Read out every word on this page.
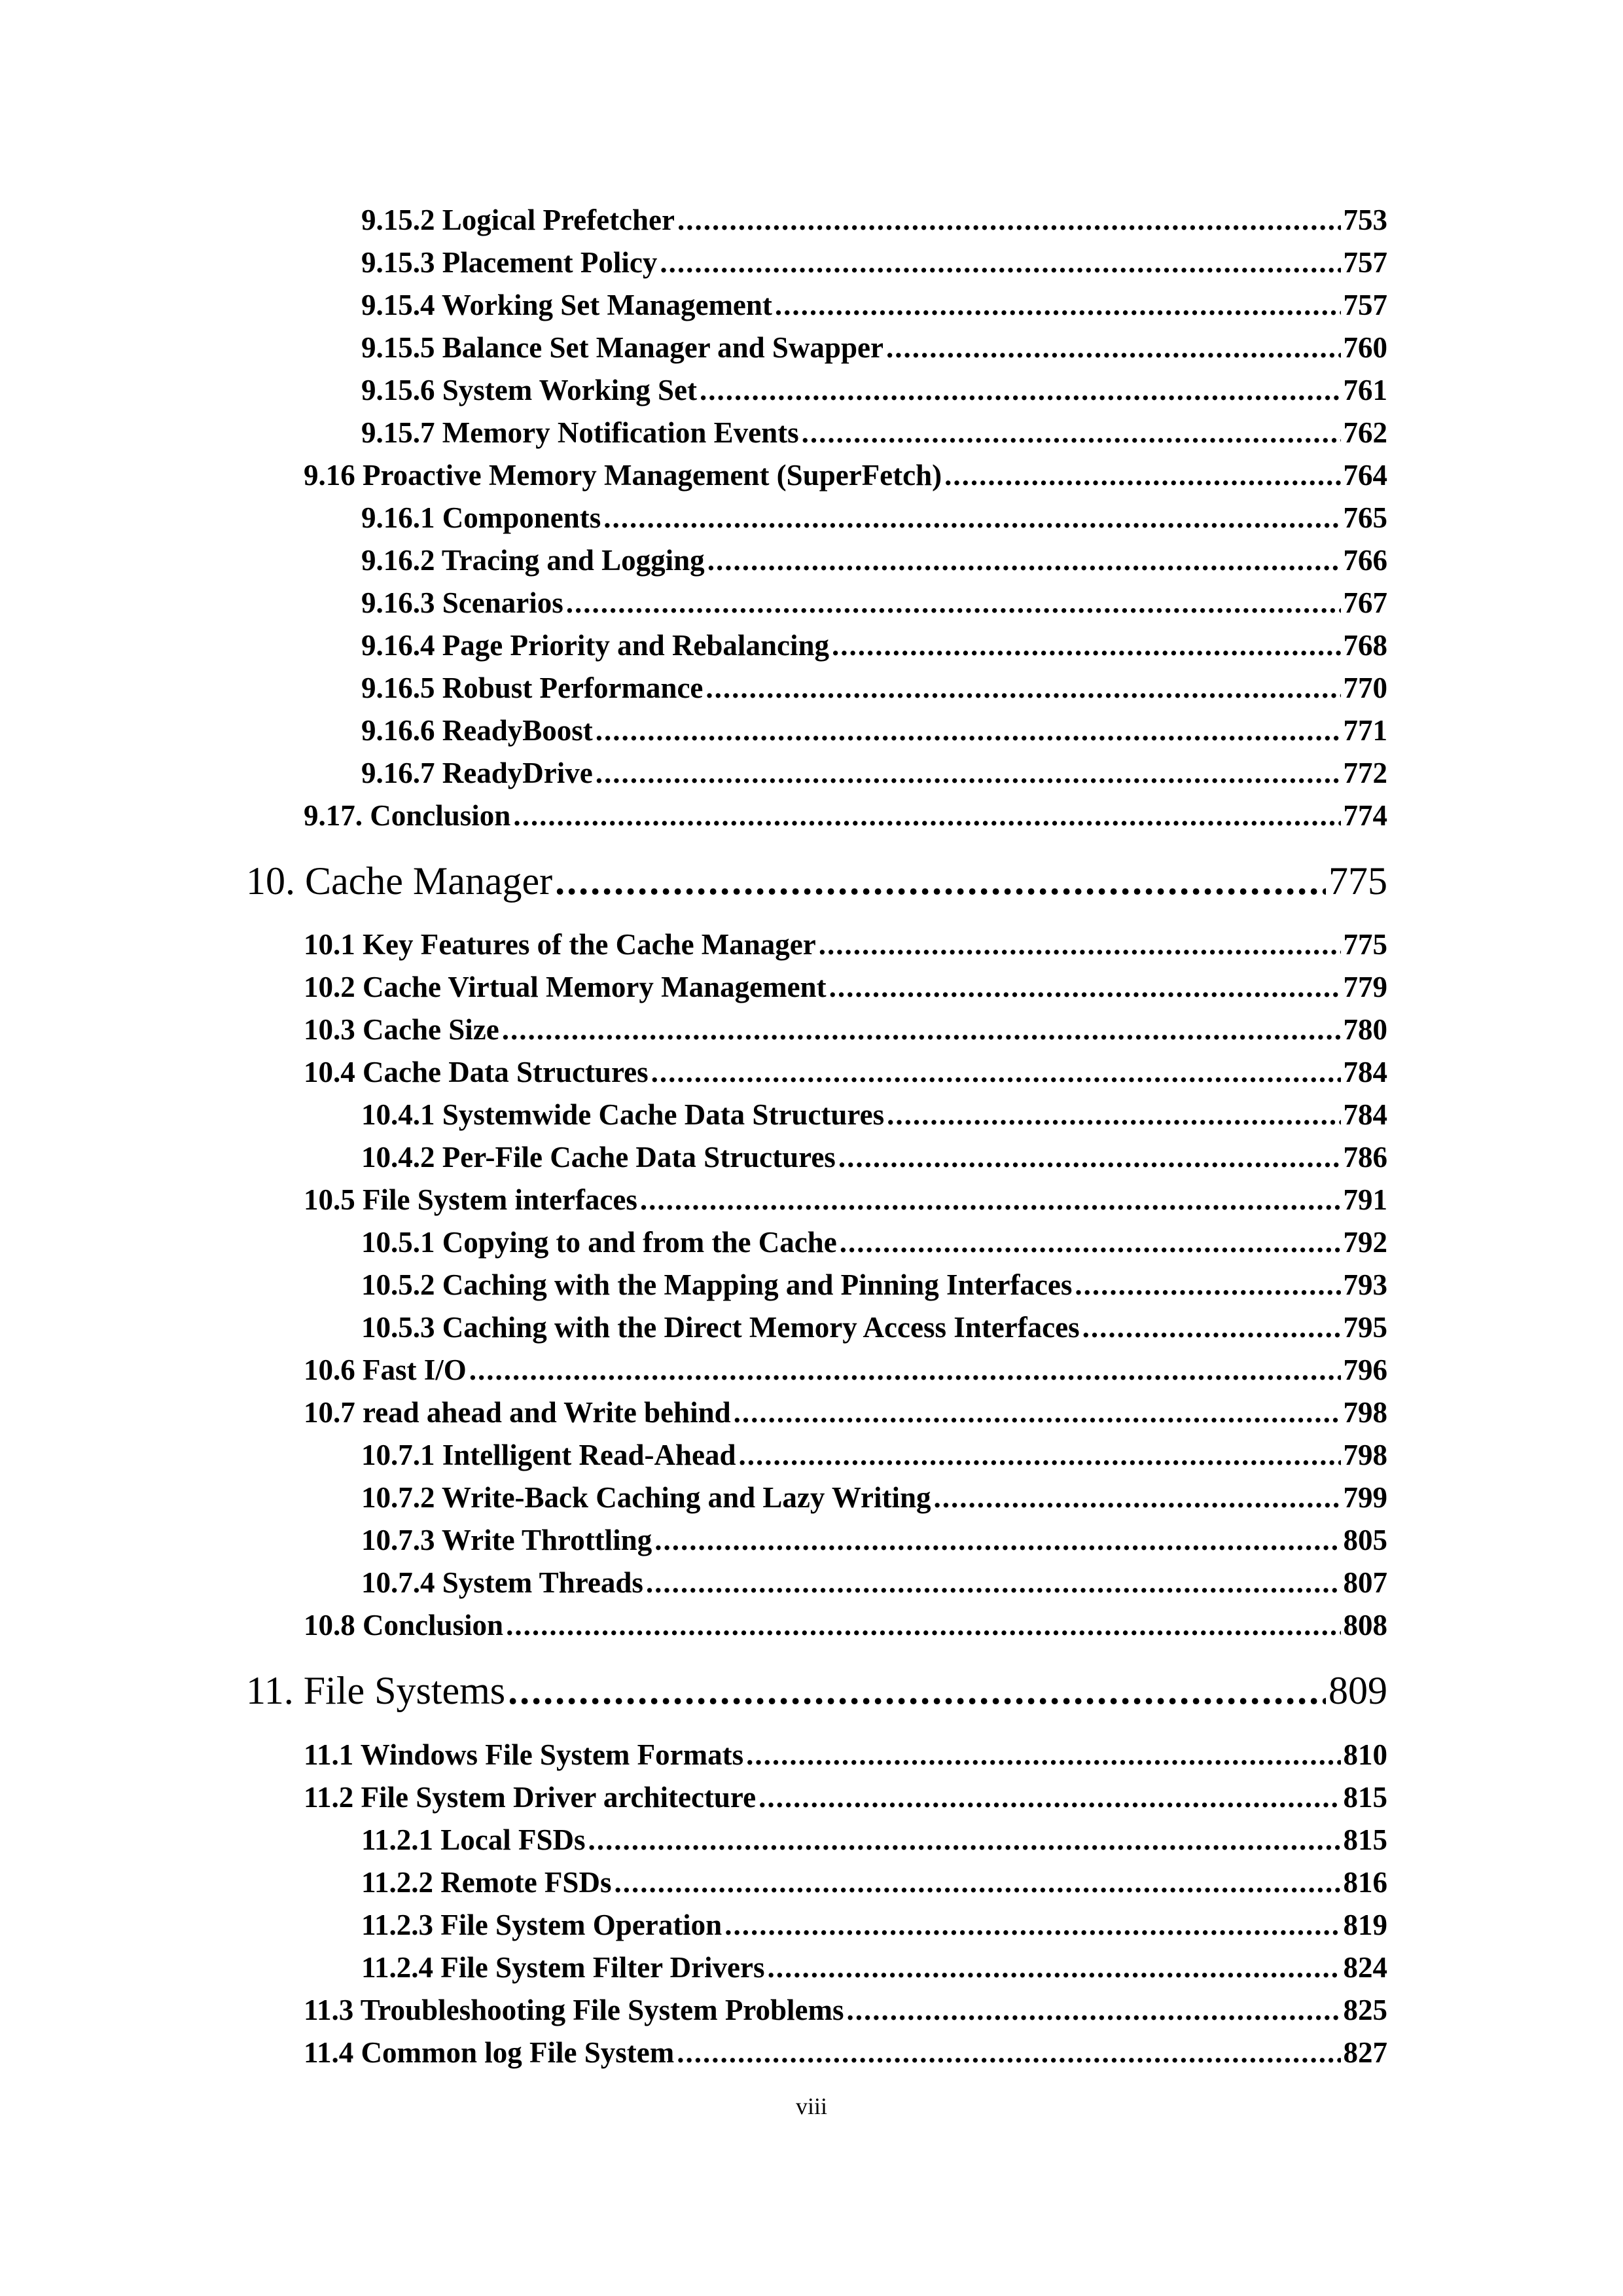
9.15.2 Logical Prefetcher .....	753
9.15.3 Placement Policy .....	757
9.15.4 Working Set Management .....	757
9.15.5 Balance Set Manager and Swapper .....	760
9.15.6 System Working Set .....	761
9.15.7 Memory Notification Events .....	762
9.16 Proactive Memory Management (SuperFetch) .....	764
9.16.1 Components .....	765
9.16.2 Tracing and Logging .....	766
9.16.3 Scenarios .....	767
9.16.4 Page Priority and Rebalancing .....	768
9.16.5 Robust Performance .....	770
9.16.6 ReadyBoost .....	771
9.16.7 ReadyDrive .....	772
9.17. Conclusion .....	774
10. Cache Manager .....	775
10.1 Key Features of the Cache Manager .....	775
10.2 Cache Virtual Memory Management .....	779
10.3 Cache Size .....	780
10.4 Cache Data Structures .....	784
10.4.1 Systemwide Cache Data Structures .....	784
10.4.2 Per-File Cache Data Structures .....	786
10.5 File System interfaces .....	791
10.5.1 Copying to and from the Cache .....	792
10.5.2 Caching with the Mapping and Pinning Interfaces .....	793
10.5.3 Caching with the Direct Memory Access Interfaces .....	795
10.6 Fast I/O .....	796
10.7 read ahead and Write behind .....	798
10.7.1 Intelligent Read-Ahead .....	798
10.7.2 Write-Back Caching and Lazy Writing .....	799
10.7.3 Write Throttling .....	805
10.7.4 System Threads .....	807
10.8 Conclusion .....	808
11. File Systems .....	809
11.1 Windows File System Formats .....	810
11.2 File System Driver architecture .....	815
11.2.1 Local FSDs .....	815
11.2.2 Remote FSDs .....	816
11.2.3 File System Operation .....	819
11.2.4 File System Filter Drivers .....	824
11.3 Troubleshooting File System Problems .....	825
11.4 Common log File System .....	827
viii
